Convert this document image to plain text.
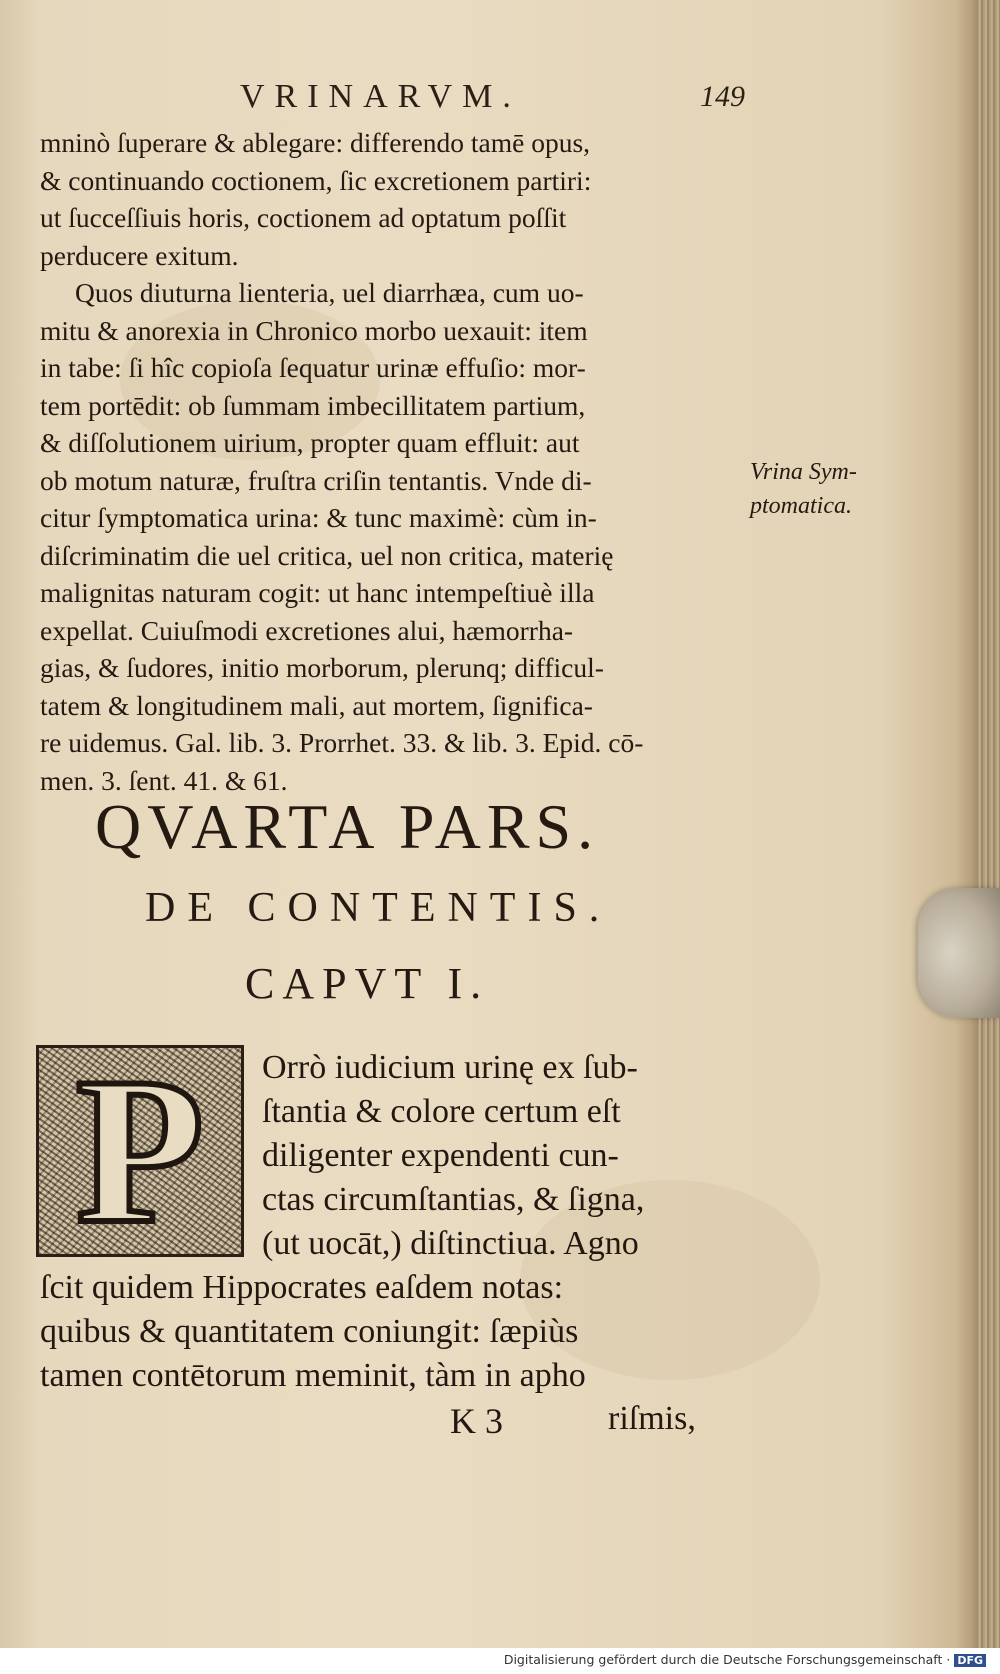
VRINARVM.	149
mninò ſuperare & ablegare: differendo tamē opus,
& continuando coctionem, ſic excretionem partiri:
ut ſucceſſiuis horis, coctionem ad optatum poſſit
perducere exitum.
Quos diuturna lienteria, uel diarrhæa, cum uo-
mitu & anorexia in Chronico morbo uexauit: item
in tabe: ſi hîc copioſa ſequatur urinæ effuſio: mor-
tem portēdit: ob ſummam imbecillitatem partium,
& diſſolutionem uirium, propter quam effluit: aut
ob motum naturæ, fruſtra criſin tentantis. Vnde di-
citur ſymptomatica urina: & tunc maximè: cùm in-
diſcriminatim die uel critica, uel non critica, materię
malignitas naturam cogit: ut hanc intempeſtiuè illa
expellat. Cuiuſmodi excretiones alui, hæmorrha-
gias, & ſudores, initio morborum, plerunq; difficul-
tatem & longitudinem mali, aut mortem, ſignifica-
re uidemus. Gal. lib. 3. Prorrhet. 33. & lib. 3. Epid. cō-
men. 3. ſent. 41. & 61.
Vrina Sym-
ptomatica.
QVARTA PARS.
DE CONTENTIS.
CAPVT I.
P	Orrò iudicium urinę ex ſub-
ſtantia & colore certum eſt
diligenter expendenti cun-
ctas circumſtantias, & ſigna,
(ut uocāt,) diſtinctiua. Agno
ſcit quidem Hippocrates eaſdem notas:
quibus & quantitatem coniungit: ſæpiùs
tamen contētorum meminit, tàm in apho
K 3	riſmis,
Digitalisierung gefördert durch die Deutsche Forschungsgemeinschaft · DFG
